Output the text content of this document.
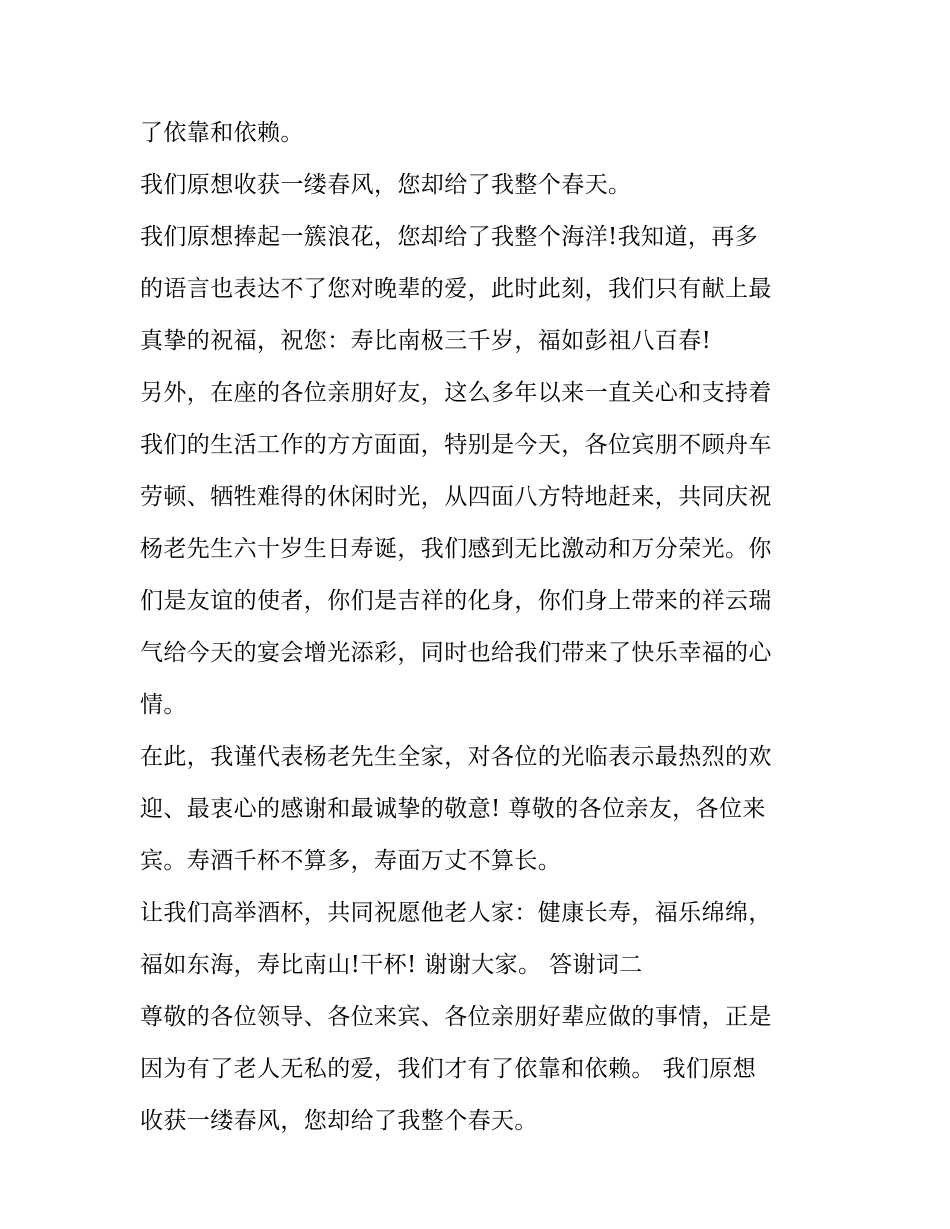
了依靠和依赖。
我们原想收获一缕春风，您却给了我整个春天。
我们原想捧起一簇浪花，您却给了我整个海洋!我知道，再多
的语言也表达不了您对晚辈的爱，此时此刻，我们只有献上最
真挚的祝福，祝您：寿比南极三千岁，福如彭祖八百春!
另外，在座的各位亲朋好友，这么多年以来一直关心和支持着
我们的生活工作的方方面面，特别是今天，各位宾朋不顾舟车
劳顿、牺牲难得的休闲时光，从四面八方特地赶来，共同庆祝
杨老先生六十岁生日寿诞，我们感到无比激动和万分荣光。你
们是友谊的使者，你们是吉祥的化身，你们身上带来的祥云瑞
气给今天的宴会增光添彩，同时也给我们带来了快乐幸福的心
情。
在此，我谨代表杨老先生全家，对各位的光临表示最热烈的欢
迎、最衷心的感谢和最诚挚的敬意! 尊敬的各位亲友，各位来
宾。寿酒千杯不算多，寿面万丈不算长。
让我们高举酒杯，共同祝愿他老人家：健康长寿，福乐绵绵，
福如东海，寿比南山!干杯! 谢谢大家。 答谢词二
尊敬的各位领导、各位来宾、各位亲朋好辈应做的事情，正是
因为有了老人无私的爱，我们才有了依靠和依赖。 我们原想
收获一缕春风，您却给了我整个春天。
